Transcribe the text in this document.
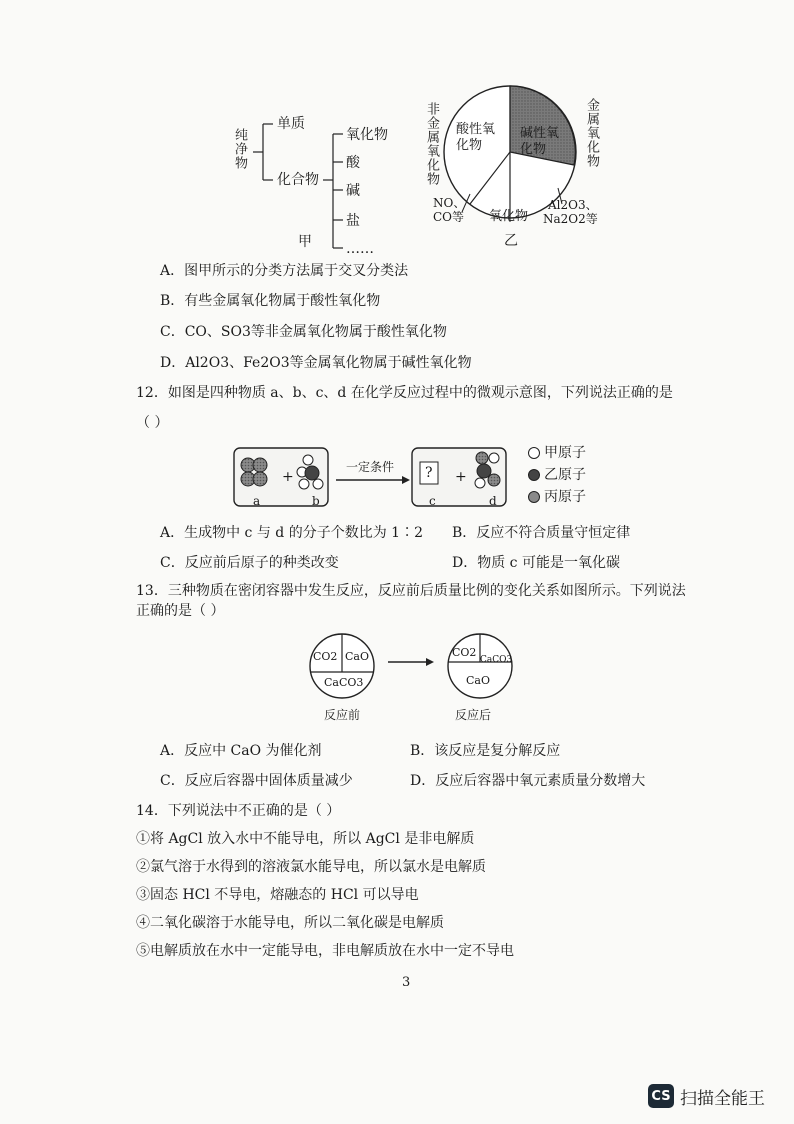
纯净物
单质
化合物
氧化物
酸
碱
盐
……
甲
非金属氧化物	金属氧化物
酸性氧化物
碱性氧化物
NO、
CO等 氧化物
Al2O3、
Na2O2等
乙
A．图甲所示的分类方法属于交叉分类法
B．有些金属氧化物属于酸性氧化物
C．CO、SO3等非金属氧化物属于酸性氧化物
D．Al2O3、Fe2O3等金属氧化物属于碱性氧化物
12．如图是四种物质 a、b、c、d 在化学反应过程中的微观示意图，下列说法正确的是
（ ）
+	+
一定条件 ?
a	b	c	d
甲原子
乙原子
丙原子
A．生成物中 c 与 d 的分子个数比为 1∶2 B．反应不符合质量守恒定律
C．反应前后原子的种类改变	D．物质 c 可能是一氧化碳
13．三种物质在密闭容器中发生反应，反应前后质量比例的变化关系如图所示。下列说法
正确的是（ ）
CO2 CaO
CaCO3
CO2
CaCO3
CaO
反应前	反应后
A．反应中 CaO 为催化剂	B．该反应是复分解反应
C．反应后容器中固体质量减少	D．反应后容器中氧元素质量分数增大
14．下列说法中不正确的是（ ）
①将 AgCl 放入水中不能导电，所以 AgCl 是非电解质
②氯气溶于水得到的溶液氯水能导电，所以氯水是电解质
③固态 HCl 不导电，熔融态的 HCl 可以导电
④二氧化碳溶于水能导电，所以二氧化碳是电解质
⑤电解质放在水中一定能导电，非电解质放在水中一定不导电
3
CS 扫描全能王
